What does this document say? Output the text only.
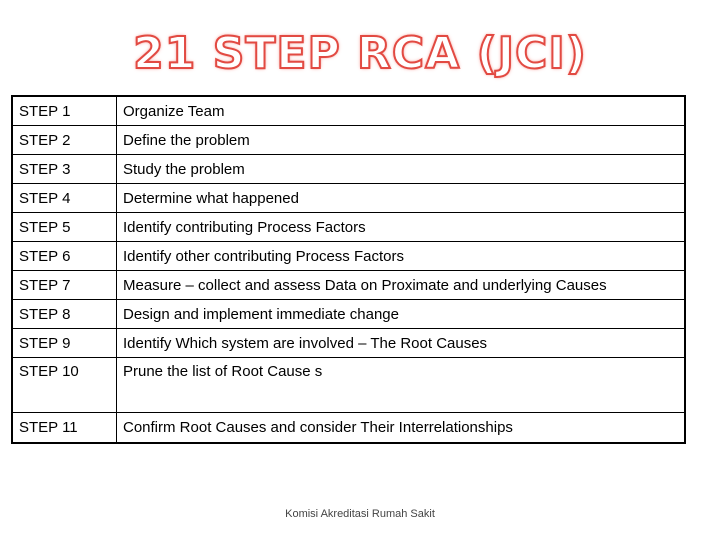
21 STEP RCA (JCI)
STEP 1	Organize Team
STEP 2	Define the problem
STEP 3	Study the problem
STEP 4	Determine what happened
STEP 5	Identify contributing Process Factors
STEP 6	Identify other contributing Process Factors
STEP 7	Measure – collect and assess Data on Proximate and underlying Causes
STEP 8	Design and implement immediate change
STEP 9	Identify Which system are involved – The Root Causes
STEP 10	Prune the list of Root Cause s
STEP 11	Confirm Root Causes and consider Their Interrelationships
Komisi Akreditasi Rumah Sakit
